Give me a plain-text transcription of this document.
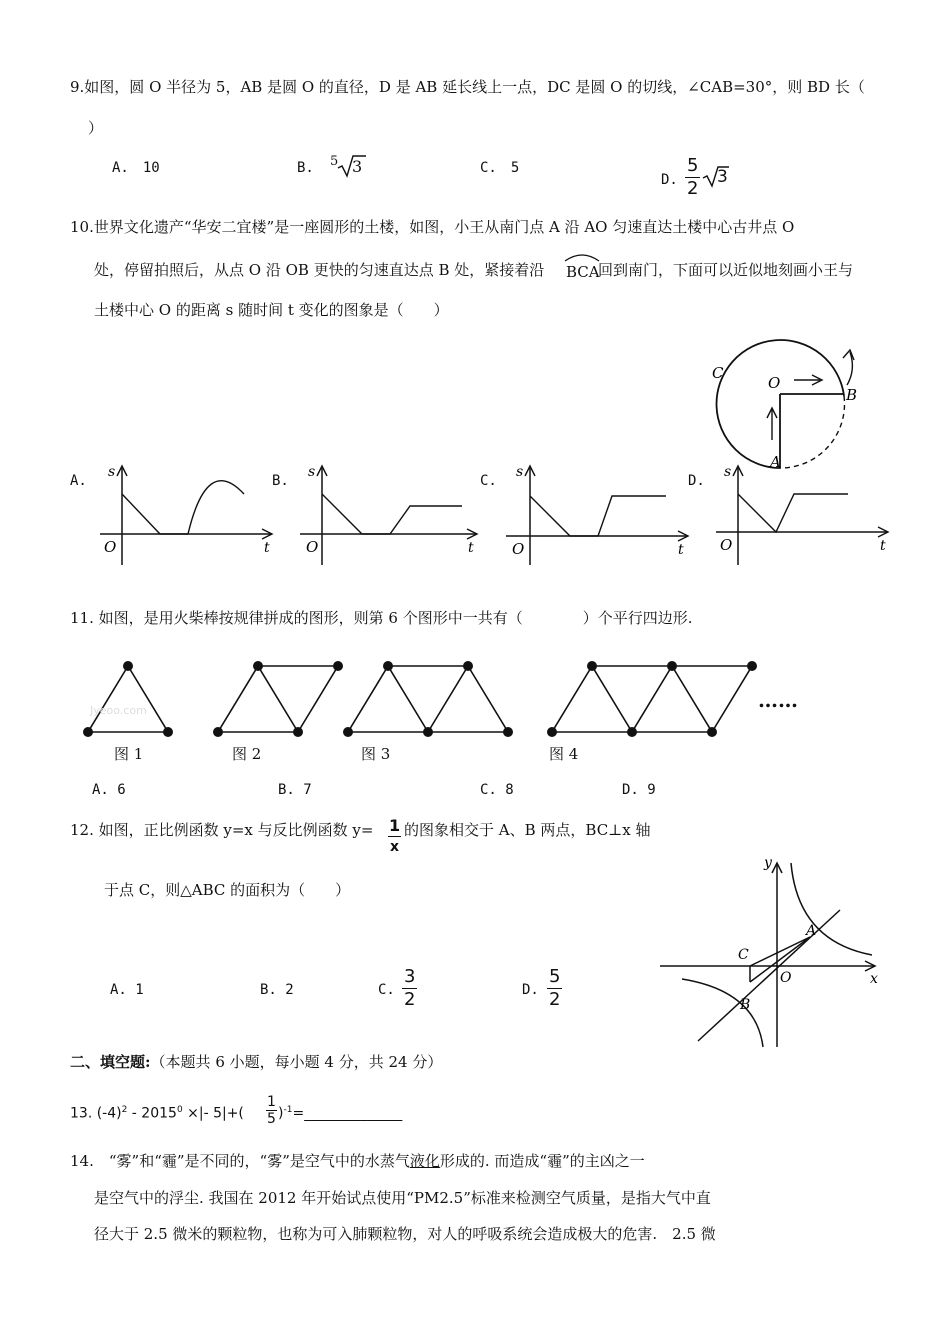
9.如图，圆 O 半径为 5，AB 是圆 O 的直径，D 是 AB 延长线上一点，DC 是圆 O 的切线，∠CAB=30°，则 BD 长（
）
A.　10	B. 5 3	C.　5
D. $\frac{5}{2} 3$
10.世界文化遗产“华安二宜楼”是一座圆形的土楼，如图，小王从南门点 A 沿 AO 匀速直达土楼中心古井点 O
处，停留拍照后，从点 O 沿 OB 更快的匀速直达点 B 处，紧接着沿 BCA
回到南门，下面可以近似地刻画小王与
土楼中心 O 的距离 s 随时间 t 变化的图象是（　　）
C
O
B
A
A.
s
t
O
B.
s
t
O
C.
s
t
O
D.
s
t
O
11. 如图，是用火柴棒按规律拼成的图形，则第 6 个图形中一共有（　　　　）个平行四边形.
Jyeoo.com	……
图 1	图 2	图 3	图 4
A. 6	B. 7	C. 8	D. 9
12. 如图，正比例函数 y=x 与反比例函数 $y= \frac{1}{x}$ 的图象相交于 A、B 两点，BC⊥x 轴
于点 C，则△ABC 的面积为（　　）
A. 1	B. 2	C. $\frac{3}{2}$	D. $\frac{5}{2}$
y
x
A
B
C
O
二、填空题:（本题共 6 小题，每小题 4 分，共 24 分）
13. $(-4)^2 - 2015^0$ ×|- $5|+( \frac{1}{5}$ )$^{-1}=\_\_\_\_\_\_\_\_\_\_\_\_\_\_$
14.　“雾”和“霾”是不同的，“雾”是空气中的水蒸气液化形成的. 而造成“霾”的主凶之一
是空气中的浮尘. 我国在 2012 年开始试点使用“PM2.5”标准来检测空气质量，是指大气中直
径大于 2.5 微米的颗粒物，也称为可入肺颗粒物，对人的呼吸系统会造成极大的危害.　2.5 微
